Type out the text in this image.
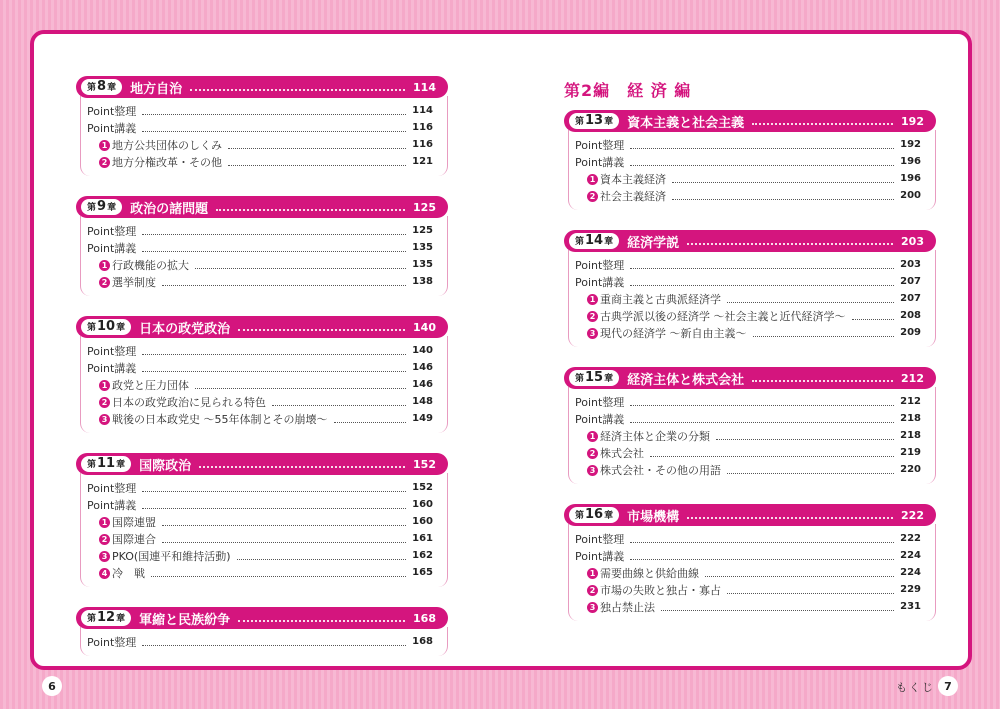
第 8 章 地方自治	114
Point整理	114
Point講義	116
1 地方公共団体のしくみ	116
2 地方分権改革・その他	121
第 9 章 政治の諸問題	125
Point整理	125
Point講義	135
1 行政機能の拡大	135
2 選挙制度	138
第 10 章 日本の政党政治	140
Point整理	140
Point講義	146
1 政党と圧力団体	146
2 日本の政党政治に見られる特色	148
3 戦後の日本政党史 〜55年体制とその崩壊〜	149
第 11 章 国際政治	152
Point整理	152
Point講義	160
1 国際連盟	160
2 国際連合	161
3 PKO(国連平和維持活動)	162
4 冷　戦	165
第 12 章 軍縮と民族紛争	168
Point整理	168
第2編　経 済 編
第 13 章 資本主義と社会主義	192
Point整理	192
Point講義	196
1 資本主義経済	196
2 社会主義経済	200
第 14 章 経済学説	203
Point整理	203
Point講義	207
1 重商主義と古典派経済学	207
2 古典学派以後の経済学 〜社会主義と近代経済学〜	208
3 現代の経済学 〜新自由主義〜	209
第 15 章 経済主体と株式会社	212
Point整理	212
Point講義	218
1 経済主体と企業の分類	218
2 株式会社	219
3 株式会社・その他の用語	220
第 16 章 市場機構	222
Point整理	222
Point講義	224
1 需要曲線と供給曲線	224
2 市場の失敗と独占・寡占	229
3 独占禁止法	231
6	もくじ 7
